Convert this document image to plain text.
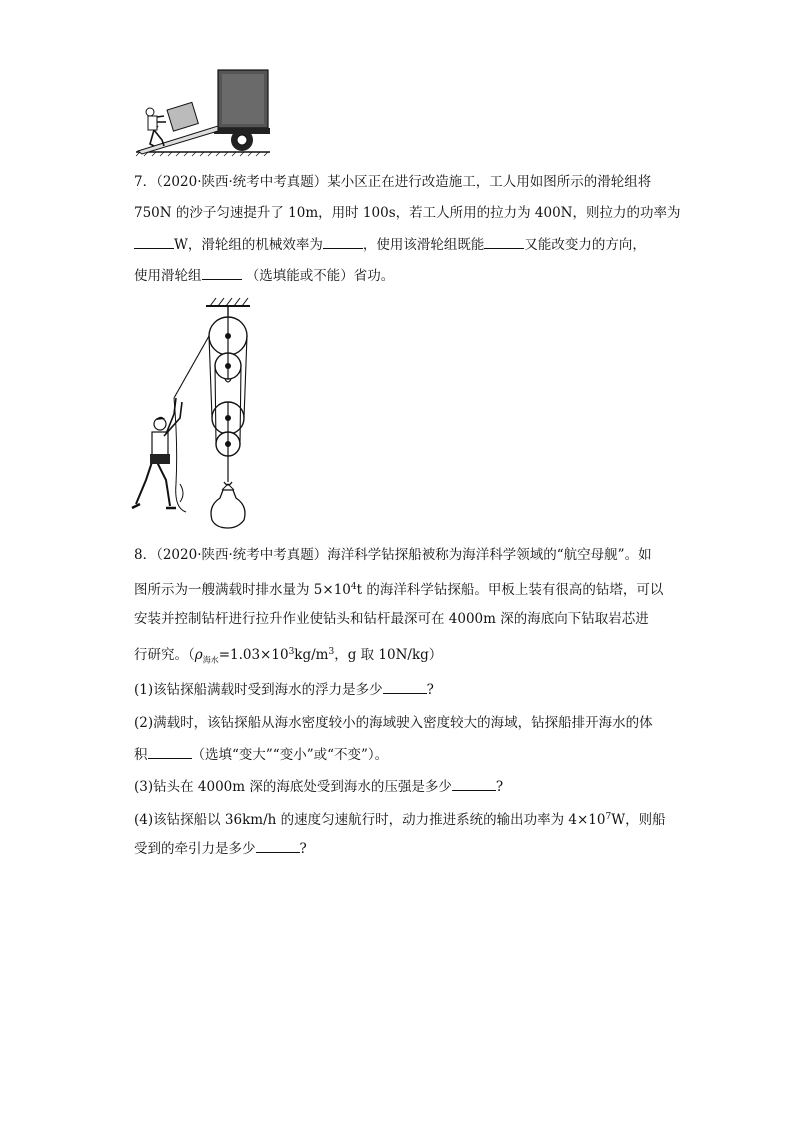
7．（2020·陕西·统考中考真题）某小区正在进行改造施工，工人用如图所示的滑轮组将
750N 的沙子匀速提升了 10m，用时 100s，若工人所用的拉力为 400N，则拉力的功率为
W，滑轮组的机械效率为	，使用该滑轮组既能	又能改变力的方向，
使用滑轮组	（选填能或不能）省功。
8．（2020·陕西·统考中考真题）海洋科学钻探船被称为海洋科学领域的“航空母舰”。如
图所示为一艘满载时排水量为 $5\times 10^4t$ 的海洋科学钻探船。甲板上装有很高的钻塔，可以
安装并控制钻杆进行拉升作业使钻头和钻杆最深可在 4000m 深的海底向下钻取岩芯进
行研究。（$\rho_{海水}=1.03\times 10^3kg/m^3$，g 取 10N/kg）
(1)该钻探船满载时受到海水的浮力是多少	?
(2)满载时，该钻探船从海水密度较小的海域驶入密度较大的海域，钻探船排开海水的体
积	（选填“变大”“变小”或“不变”）。
(3)钻头在 4000m 深的海底处受到海水的压强是多少	?
(4)该钻探船以 36km/h 的速度匀速航行时，动力推进系统的输出功率为 $4\times 10^7W$，则船
受到的牵引力是多少	?
